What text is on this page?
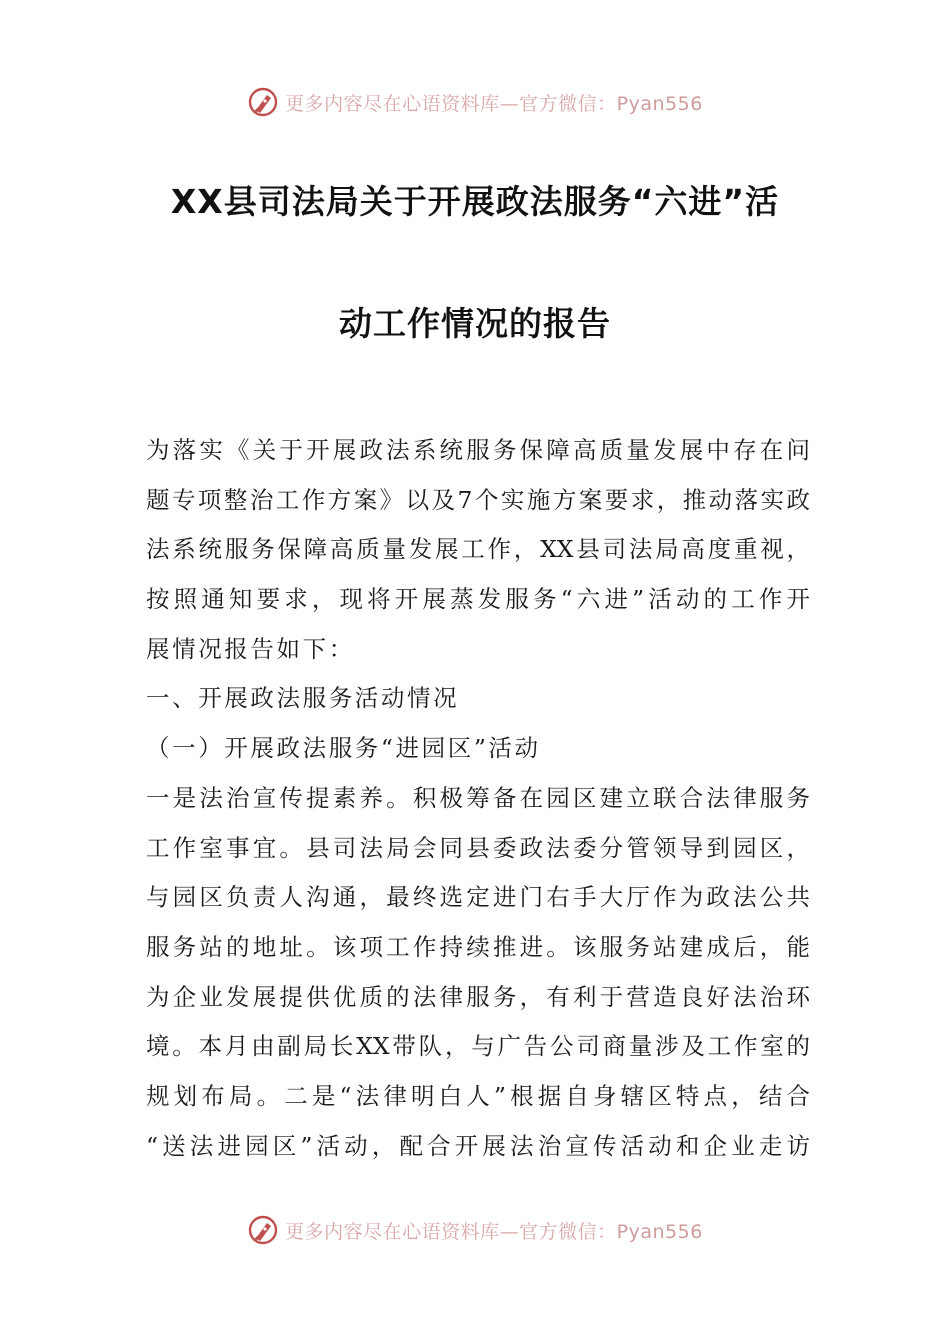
更多内容尽在心语资料库—官方微信：Pyan556
XX县司法局关于开展政法服务“六进”活
动工作情况的报告
为落实《关于开展政法系统服务保障高质量发展中存在问
题专项整治工作方案》以及7个实施方案要求，推动落实政
法系统服务保障高质量发展工作，XX县司法局高度重视，
按照通知要求，现将开展蒸发服务“六进”活动的工作开
展情况报告如下：
一、开展政法服务活动情况
（一）开展政法服务“进园区”活动
一是法治宣传提素养。积极筹备在园区建立联合法律服务
工作室事宜。县司法局会同县委政法委分管领导到园区，
与园区负责人沟通，最终选定进门右手大厅作为政法公共
服务站的地址。该项工作持续推进。该服务站建成后，能
为企业发展提供优质的法律服务，有利于营造良好法治环
境。本月由副局长XX带队，与广告公司商量涉及工作室的
规划布局。二是“法律明白人”根据自身辖区特点，结合
“送法进园区”活动，配合开展法治宣传活动和企业走访
更多内容尽在心语资料库—官方微信：Pyan556
